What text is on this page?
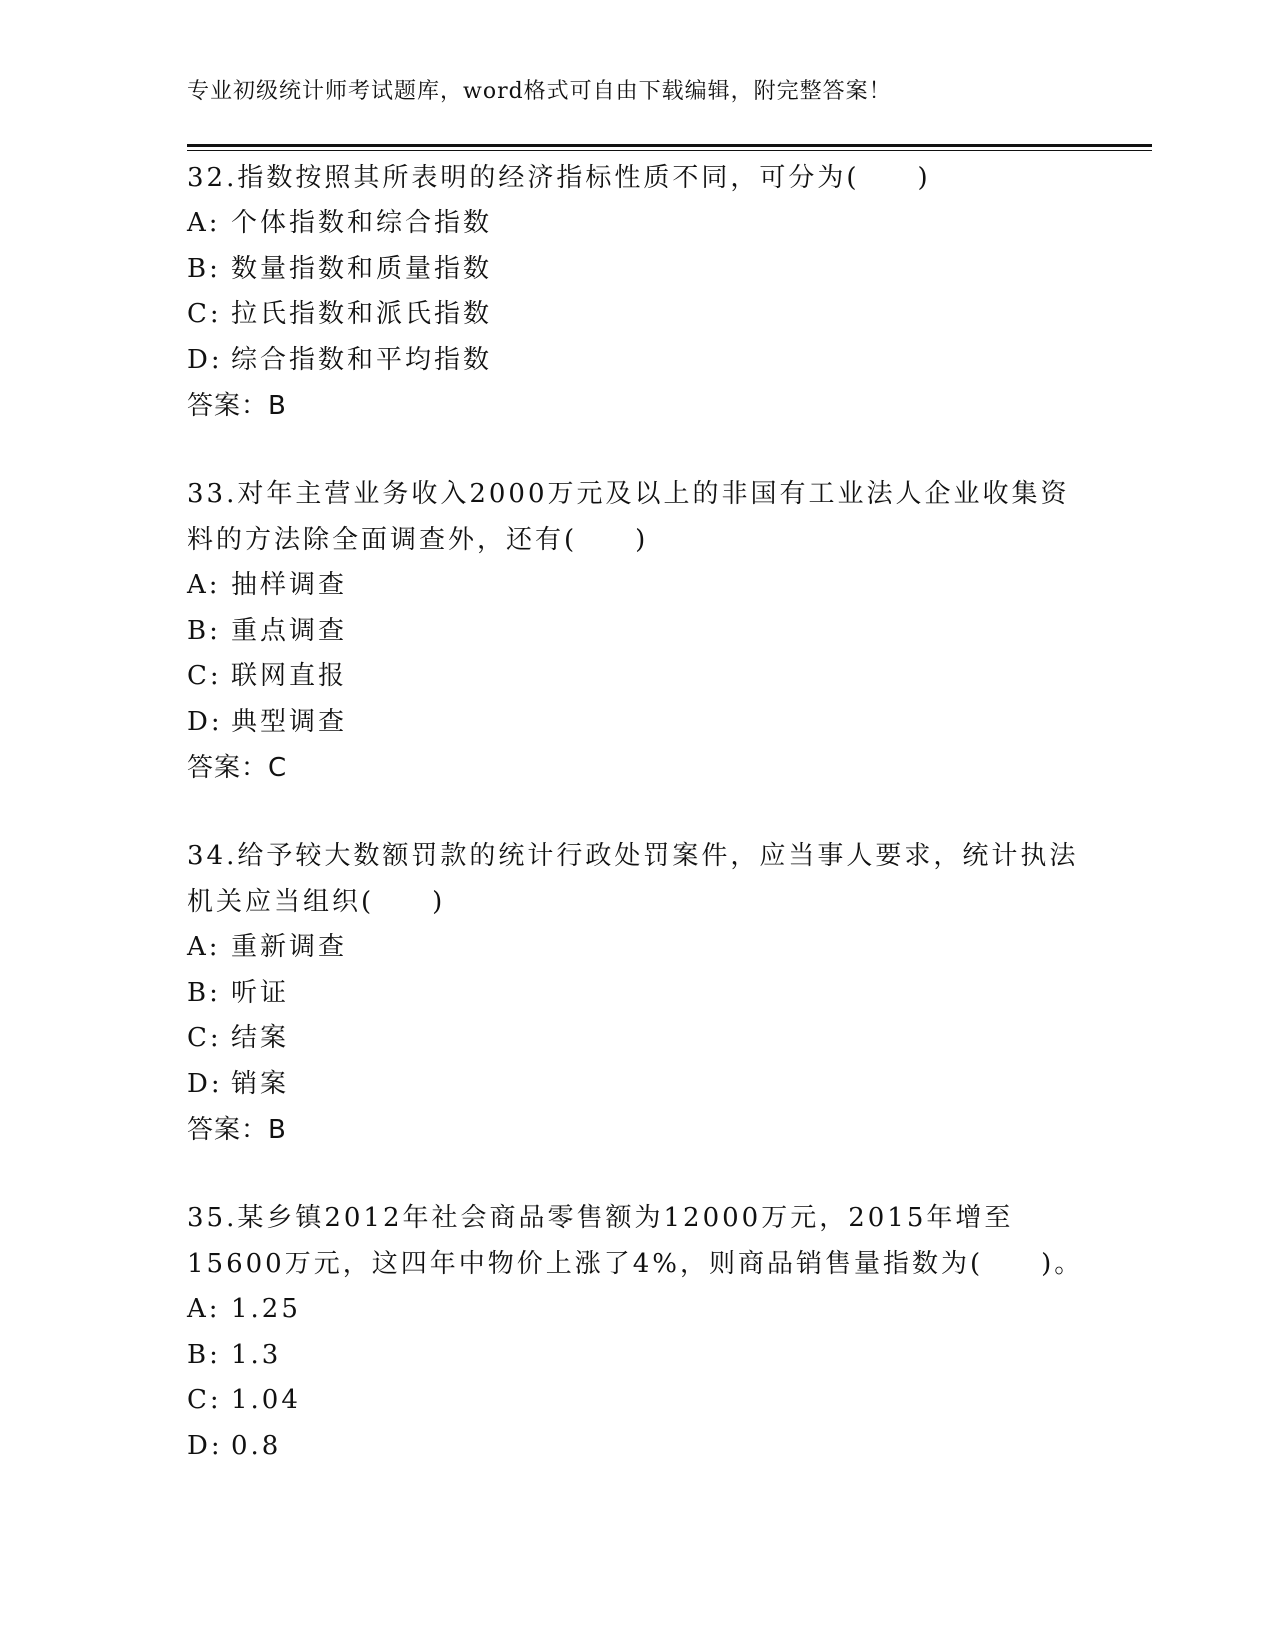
专业初级统计师考试题库，word格式可自由下载编辑，附完整答案！
32.指数按照其所表明的经济指标性质不同，可分为(　　)
A: 个体指数和综合指数
B: 数量指数和质量指数
C: 拉氏指数和派氏指数
D: 综合指数和平均指数
答案：B
33.对年主营业务收入2000万元及以上的非国有工业法人企业收集资料的方法除全面调查外，还有(　　)
A: 抽样调查
B: 重点调查
C: 联网直报
D: 典型调查
答案：C
34.给予较大数额罚款的统计行政处罚案件，应当事人要求，统计执法机关应当组织(　　)
A: 重新调查
B: 听证
C: 结案
D: 销案
答案：B
35.某乡镇2012年社会商品零售额为12000万元，2015年增至15600万元，这四年中物价上涨了4%，则商品销售量指数为(　　)。
A: 1.25
B: 1.3
C: 1.04
D: 0.8
